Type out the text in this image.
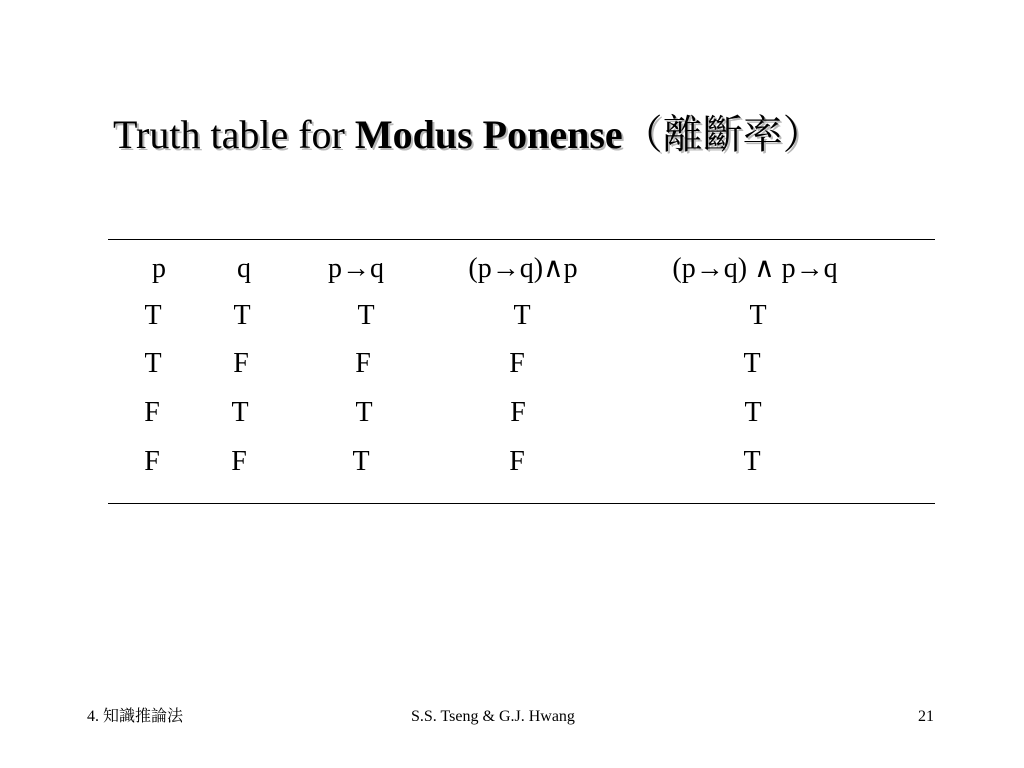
Truth table for Modus Ponense（離斷率）
p	q	p→q	(p→q)∧p	(p→q) ∧ p→q
T	T	T	T	T
T	F	F	F	T
F	T	T	F	T
F	F	T	F	T
4. 知識推論法	S.S. Tseng & G.J. Hwang	21
